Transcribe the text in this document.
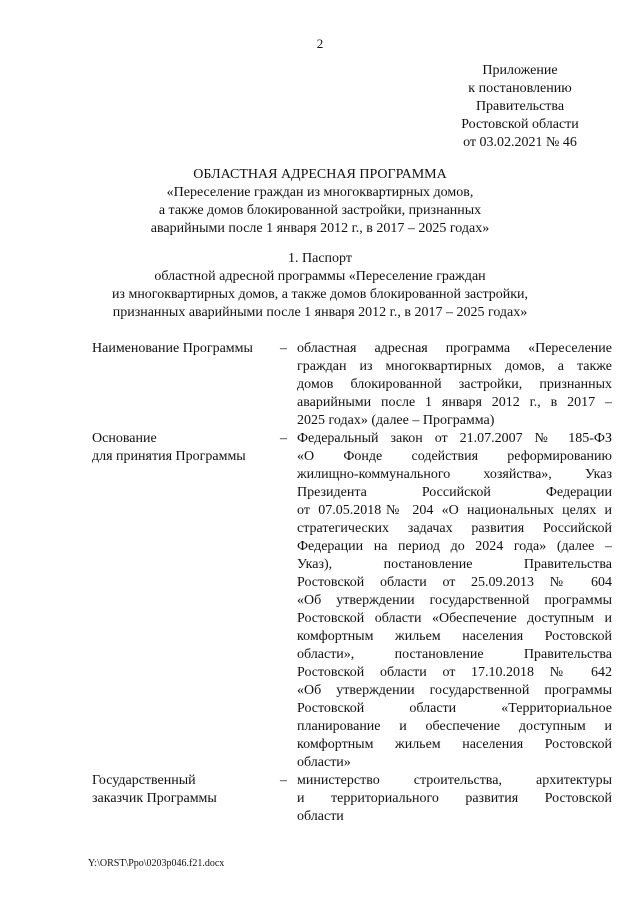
2
Приложение
к постановлению
Правительства
Ростовской области
от 03.02.2021 № 46
ОБЛАСТНАЯ АДРЕСНАЯ ПРОГРАММА
«Переселение граждан из многоквартирных домов,
а также домов блокированной застройки, признанных
аварийными после 1 января 2012 г., в 2017 – 2025 годах»
1. Паспорт
областной адресной программы «Переселение граждан
из многоквартирных домов, а также домов блокированной застройки,
признанных аварийными после 1 января 2012 г., в 2017 – 2025 годах»
Наименование Программы	– областная адресная программа «Переселение
граждан из многоквартирных домов, а также
домов блокированной застройки, признанных
аварийными после 1 января 2012 г., в 2017 –
2025 годах» (далее – Программа)
Основание
для принятия Программы
– Федеральный закон от 21.07.2007 № 185-ФЗ
«О Фонде содействия реформированию
жилищно-коммунального хозяйства», Указ
Президента Российской Федерации
от 07.05.2018№ 204 «О национальных целях и
стратегических задачах развития Российской
Федерации на период до 2024 года» (далее –
Указ), постановление Правительства
Ростовской области от 25.09.2013 № 604
«Об утверждении государственной программы
Ростовской области «Обеспечение доступным и
комфортным жильем населения Ростовской
области», постановление Правительства
Ростовской области от 17.10.2018 № 642
«Об утверждении государственной программы
Ростовской области «Территориальное
планирование и обеспечение доступным и
комфортным жильем населения Ростовской
области»
Государственный
заказчик Программы
– министерство строительства, архитектуры
и территориального развития Ростовской
области
Y:\ORST\Ppo\0203p046.f21.docx
